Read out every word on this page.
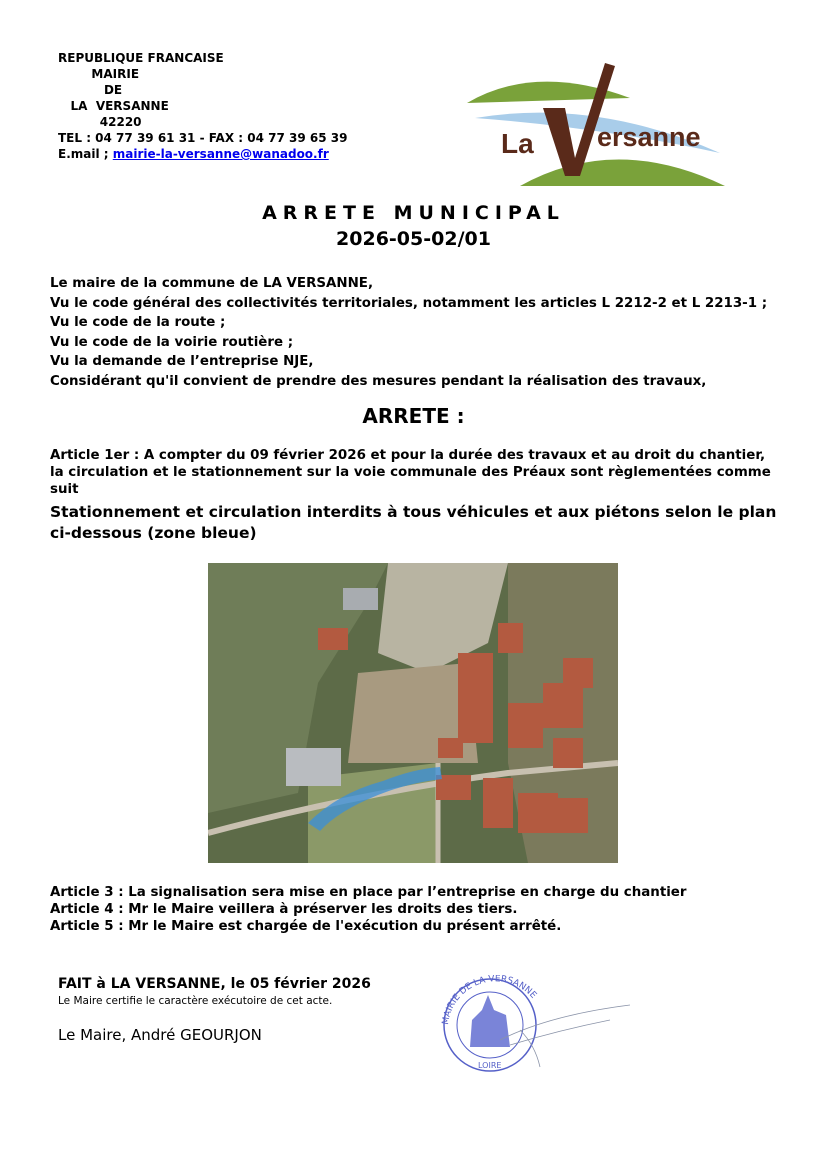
REPUBLIQUE FRANCAISE
MAIRIE
DE
LA  VERSANNE
42220
TEL : 04 77 39 61 31 - FAX : 04 77 39 65 39
E.mail ; mairie-la-versanne@wanadoo.fr	La ersanne
ARRETE MUNICIPAL
2026-05-02/01
Le maire de la commune de LA VERSANNE,
Vu le code général des collectivités territoriales, notamment les articles L 2212-2 et L 2213-1 ;
Vu le code de la route ;
Vu le code de la voirie routière ;
Vu la demande de l’entreprise NJE,
Considérant qu'il convient de prendre des mesures pendant la réalisation des travaux,
ARRETE :
Article 1er : A compter du 09 février 2026 et pour la durée des travaux et au droit du chantier, la circulation et le stationnement sur la voie communale des Préaux sont règlementées comme suit
Stationnement et circulation interdits à tous véhicules et aux piétons selon le plan ci-dessous (zone bleue)
Article 3 : La signalisation sera mise en place par l’entreprise en charge du chantier
Article 4 : Mr le Maire veillera à préserver les droits des tiers.
Article 5 : Mr le Maire est chargée de l'exécution du présent arrêté.
FAIT à LA VERSANNE, le 05 février 2026
Le Maire certifie le caractère exécutoire de cet acte.
Le Maire, André GEOURJON
MAIRIE DE LA VERSANNE
LOIRE
